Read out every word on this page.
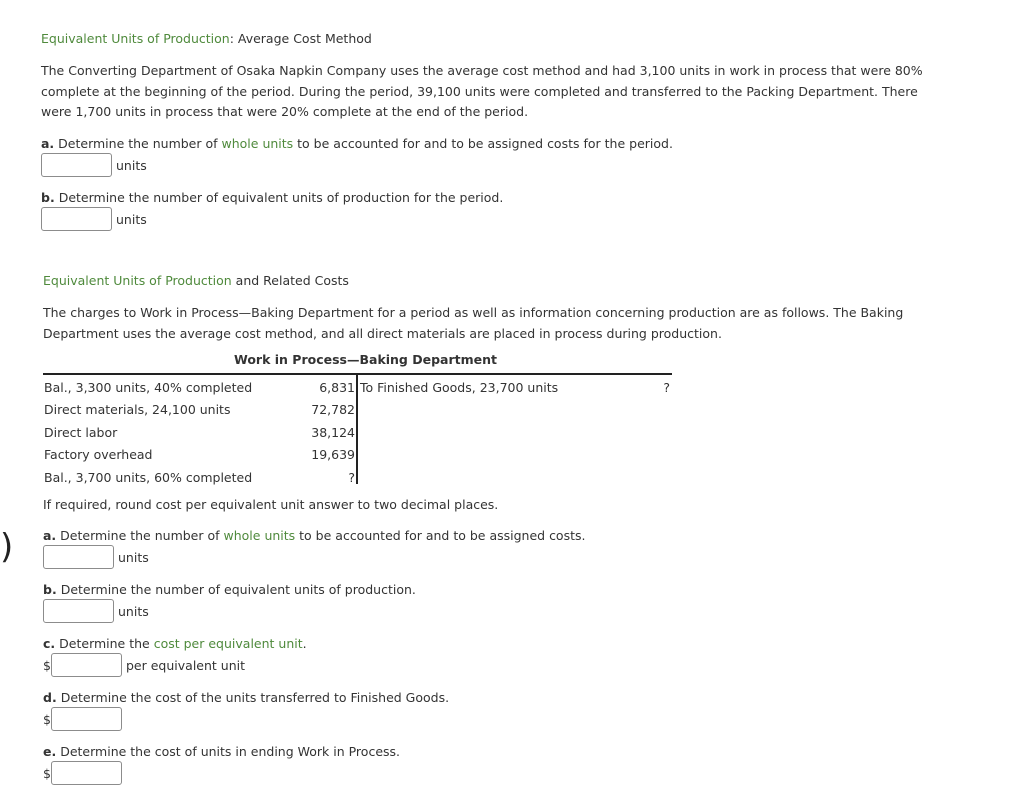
Equivalent Units of Production: Average Cost Method
The Converting Department of Osaka Napkin Company uses the average cost method and had 3,100 units in work in process that were 80% complete at the beginning of the period. During the period, 39,100 units were completed and transferred to the Packing Department. There were 1,700 units in process that were 20% complete at the end of the period.
a. Determine the number of whole units to be accounted for and to be assigned costs for the period.
units
b. Determine the number of equivalent units of production for the period.
units
Equivalent Units of Production and Related Costs
The charges to Work in Process—Baking Department for a period as well as information concerning production are as follows. The Baking Department uses the average cost method, and all direct materials are placed in process during production.
Work in Process—Baking Department
Bal., 3,300 units, 40% completed	6,831 To Finished Goods, 23,700 units	?
Direct materials, 24,100 units	72,782
Direct labor	38,124
Factory overhead	19,639
Bal., 3,700 units, 60% completed	?
If required, round cost per equivalent unit answer to two decimal places.
) a. Determine the number of whole units to be accounted for and to be assigned costs.
units
b. Determine the number of equivalent units of production.
units
c. Determine the cost per equivalent unit.
$	per equivalent unit
d. Determine the cost of the units transferred to Finished Goods.
$
e. Determine the cost of units in ending Work in Process.
$
